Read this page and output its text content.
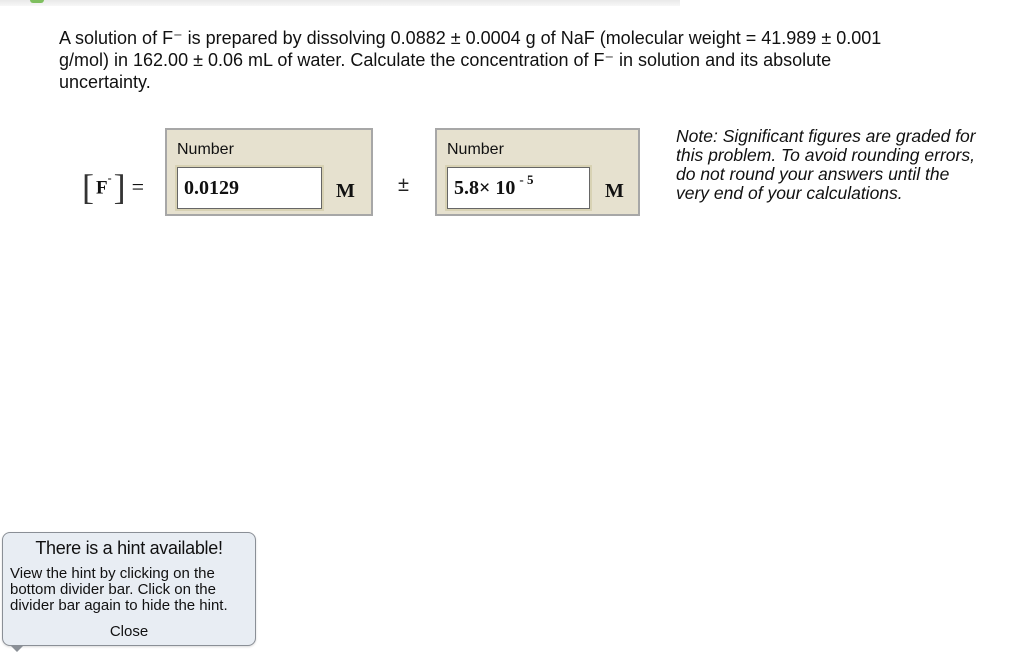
A solution of F⁻ is prepared by dissolving 0.0882 ± 0.0004 g of NaF (molecular weight = 41.989 ± 0.001

g/mol) in 162.00 ± 0.06 mL of water. Calculate the concentration of F⁻ in solution and its absolute

uncertainty.

[ F- ] =
Number
0.0129	M ±
Number
5.8× 10 $^{- 5}$
M
Note: Significant figures are graded for this problem. To avoid rounding errors, do not round your answers until the very end of your calculations.
There is a hint available!
View the hint by clicking on the bottom divider bar. Click on the divider bar again to hide the hint.
Close
